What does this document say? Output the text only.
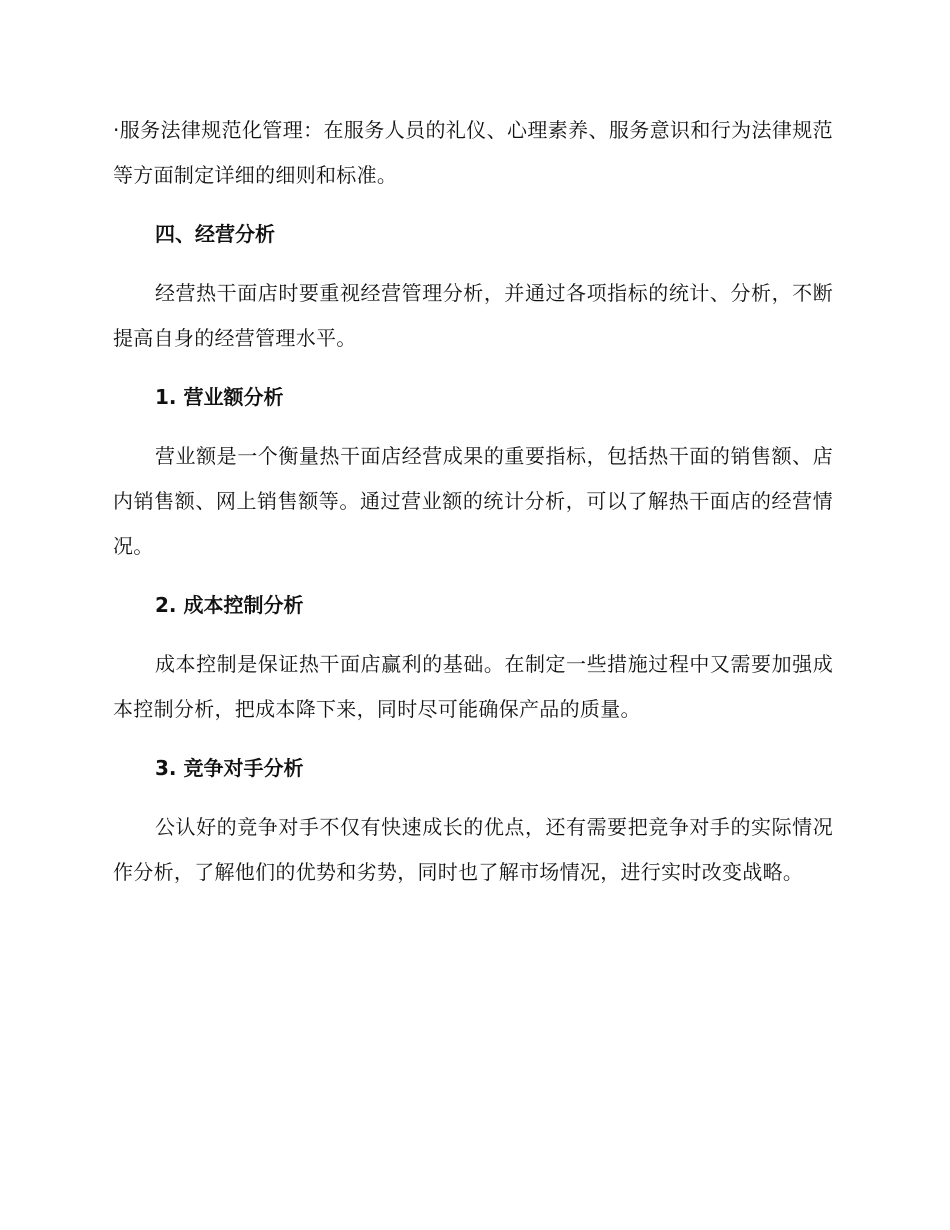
·服务法律规范化管理：在服务人员的礼仪、心理素养、服务意识和行为法律规范等方面制定详细的细则和标准。

四、经营分析

经营热干面店时要重视经营管理分析，并通过各项指标的统计、分析，不断提高自身的经营管理水平。

1. 营业额分析

营业额是一个衡量热干面店经营成果的重要指标，包括热干面的销售额、店内销售额、网上销售额等。通过营业额的统计分析，可以了解热干面店的经营情况。

2. 成本控制分析

成本控制是保证热干面店赢利的基础。在制定一些措施过程中又需要加强成本控制分析，把成本降下来，同时尽可能确保产品的质量。

3. 竞争对手分析

公认好的竞争对手不仅有快速成长的优点，还有需要把竞争对手的实际情况作分析，了解他们的优势和劣势，同时也了解市场情况，进行实时改变战略。
